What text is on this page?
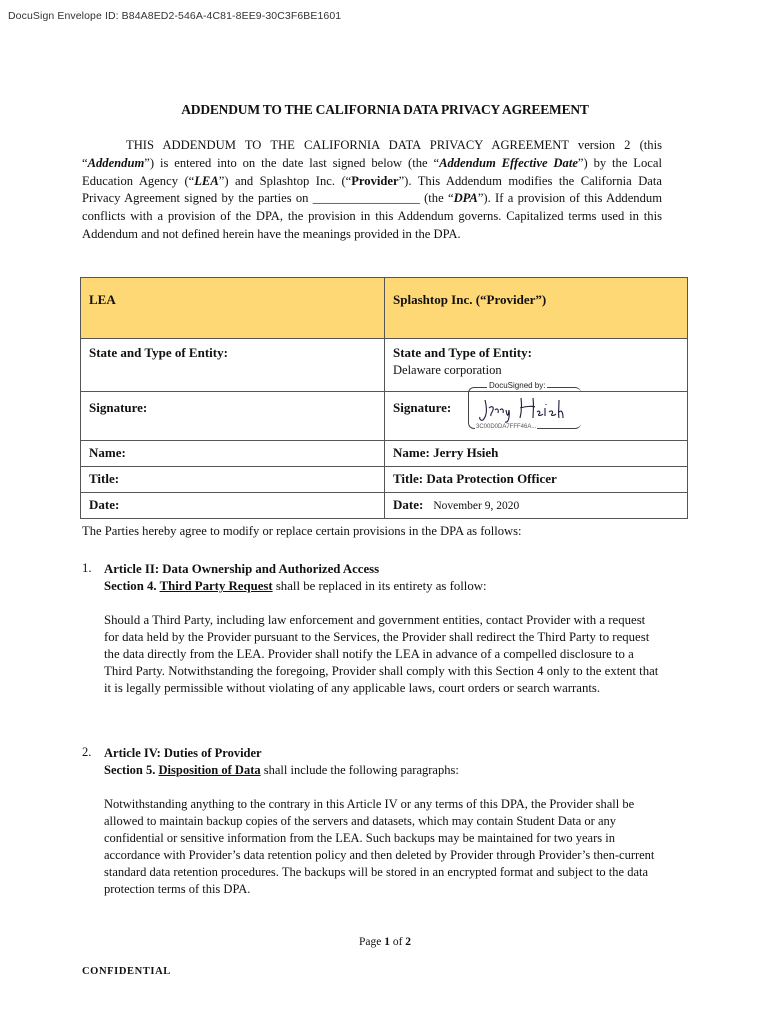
DocuSign Envelope ID: B84A8ED2-546A-4C81-8EE9-30C3F6BE1601
ADDENDUM TO THE CALIFORNIA DATA PRIVACY AGREEMENT
THIS ADDENDUM TO THE CALIFORNIA DATA PRIVACY AGREEMENT version 2 (this “Addendum”) is entered into on the date last signed below (the “Addendum Effective Date”) by the Local Education Agency (“LEA”) and Splashtop Inc. (“Provider”). This Addendum modifies the California Data Privacy Agreement signed by the parties on _________________ (the “DPA”). If a provision of this Addendum conflicts with a provision of the DPA, the provision in this Addendum governs. Capitalized terms used in this Addendum and not defined herein have the meanings provided in the DPA.
LEA	Splashtop Inc. (“Provider”)
State and Type of Entity:	State and Type of Entity:
Delaware corporation

Signature:	Signature:
Name:	Name: Jerry Hsieh
Title:	Title: Data Protection Officer
Date:	Date: November 9, 2020
DocuSigned by:
3C00D0DA7FFF46A...
The Parties hereby agree to modify or replace certain provisions in the DPA as follows:
1. Article II: Data Ownership and Authorized Access
Section 4. Third Party Request shall be replaced in its entirety as follow:
Should a Third Party, including law enforcement and government entities, contact Provider with a request for data held by the Provider pursuant to the Services, the Provider shall redirect the Third Party to request the data directly from the LEA. Provider shall notify the LEA in advance of a compelled disclosure to a Third Party. Notwithstanding the foregoing, Provider shall comply with this Section 4 only to the extent that it is legally permissible without violating of any applicable laws, court orders or search warrants.
2. Article IV: Duties of Provider
Section 5. Disposition of Data shall include the following paragraphs:
Notwithstanding anything to the contrary in this Article IV or any terms of this DPA, the Provider shall be allowed to maintain backup copies of the servers and datasets, which may contain Student Data or any confidential or sensitive information from the LEA. Such backups may be maintained for two years in accordance with Provider’s data retention policy and then deleted by Provider through Provider’s then-current standard data retention procedures. The backups will be stored in an encrypted format and subject to the data protection terms of this DPA.
Page 1 of 2
CONFIDENTIAL
